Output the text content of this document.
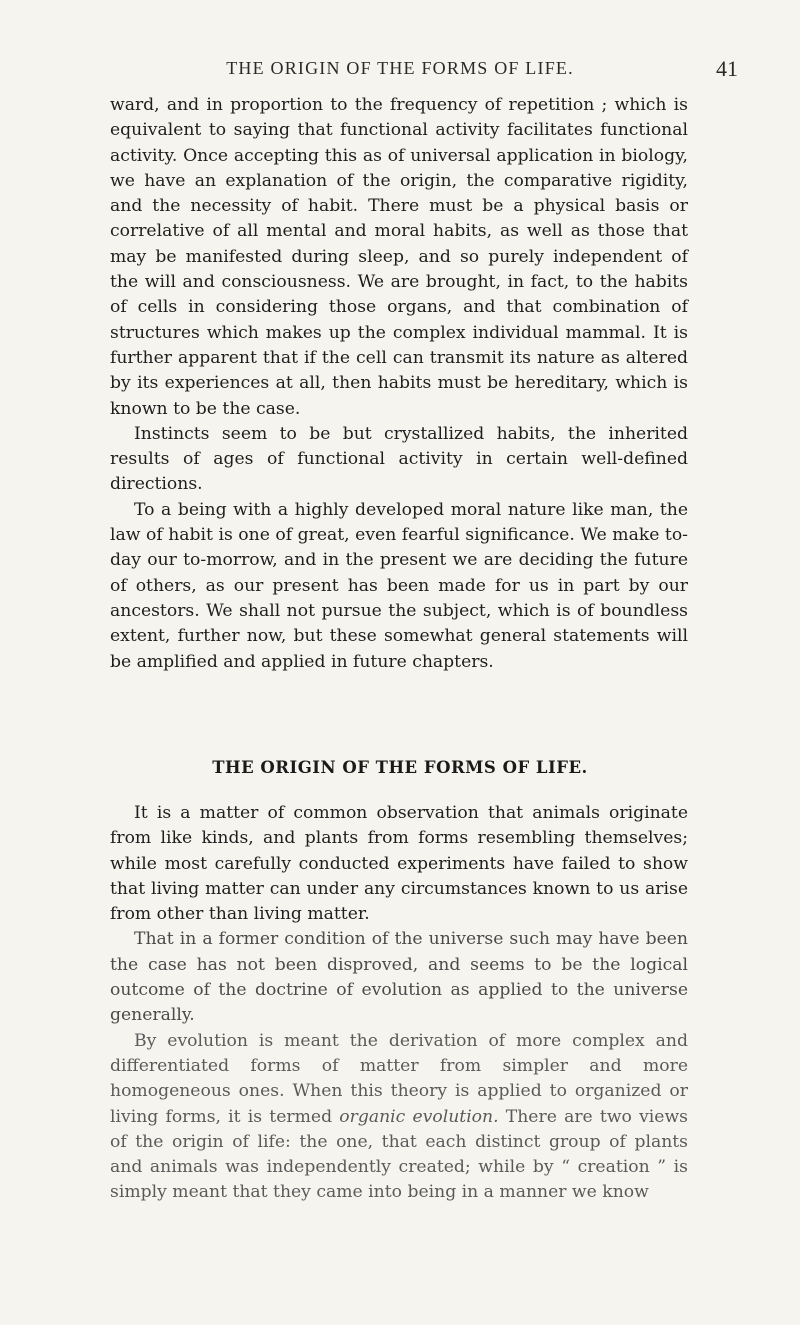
THE ORIGIN OF THE FORMS OF LIFE.	41

ward, and in proportion to the frequency of repetition ; which is equivalent to saying that functional activity facilitates functional activity. Once accepting this as of universal application in biology, we have an explanation of the origin, the comparative rigidity, and the necessity of habit. There must be a physical basis or correlative of all mental and moral habits, as well as those that may be manifested during sleep, and so purely independent of the will and consciousness. We are brought, in fact, to the habits of cells in considering those organs, and that combination of structures which makes up the complex individual mammal. It is further apparent that if the cell can transmit its nature as altered by its experiences at all, then habits must be hereditary, which is known to be the case.

Instincts seem to be but crystallized habits, the inherited results of ages of functional activity in certain well-defined directions.

To a being with a highly developed moral nature like man, the law of habit is one of great, even fearful significance. We make to-day our to-morrow, and in the present we are deciding the future of others, as our present has been made for us in part by our ancestors. We shall not pursue the subject, which is of boundless extent, further now, but these somewhat general statements will be amplified and applied in future chapters.

THE ORIGIN OF THE FORMS OF LIFE.

It is a matter of common observation that animals originate from like kinds, and plants from forms resembling themselves; while most carefully conducted experiments have failed to show that living matter can under any circumstances known to us arise from other than living matter.

That in a former condition of the universe such may have been the case has not been disproved, and seems to be the logical outcome of the doctrine of evolution as applied to the universe generally.

By evolution is meant the derivation of more complex and differentiated forms of matter from simpler and more homogeneous ones. When this theory is applied to organized or living forms, it is termed organic evolution. There are two views of the origin of life: the one, that each distinct group of plants and animals was independently created; while by “ creation ” is simply meant that they came into being in a manner we know
